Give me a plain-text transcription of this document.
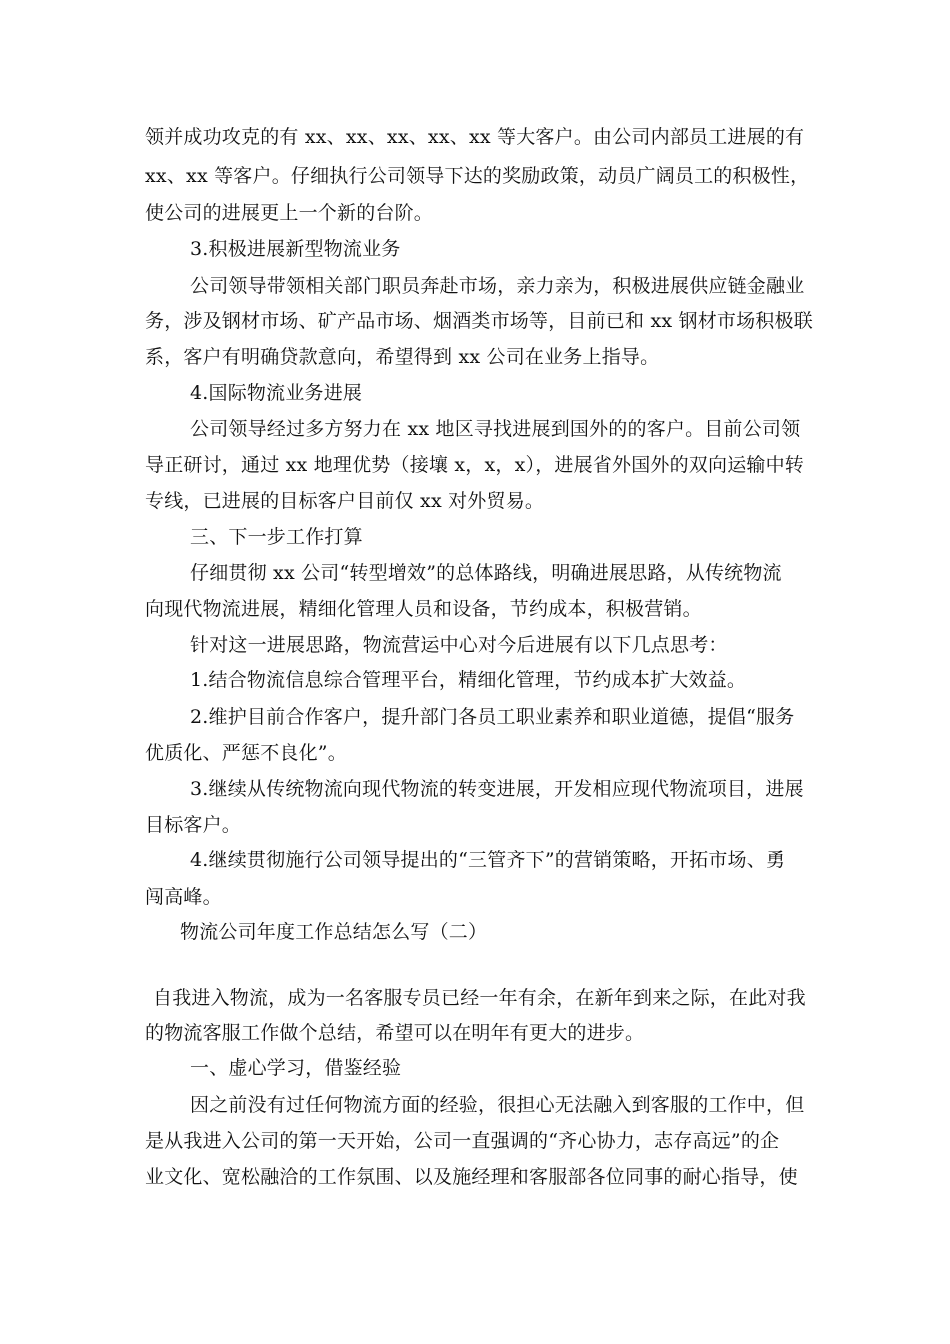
领并成功攻克的有 xx、xx、xx、xx、xx 等大客户。由公司内部员工进展的有
xx、xx 等客户。仔细执行公司领导下达的奖励政策，动员广阔员工的积极性，
使公司的进展更上一个新的台阶。
3.积极进展新型物流业务
公司领导带领相关部门职员奔赴市场，亲力亲为，积极进展供应链金融业
务，涉及钢材市场、矿产品市场、烟酒类市场等，目前已和 xx 钢材市场积极联
系，客户有明确贷款意向，希望得到 xx 公司在业务上指导。
4.国际物流业务进展
公司领导经过多方努力在 xx 地区寻找进展到国外的的客户。目前公司领
导正研讨，通过 xx 地理优势（接壤 x，x，x），进展省外国外的双向运输中转
专线，已进展的目标客户目前仅 xx 对外贸易。
三、下一步工作打算
仔细贯彻 xx 公司“转型增效”的总体路线，明确进展思路，从传统物流
向现代物流进展，精细化管理人员和设备，节约成本，积极营销。
针对这一进展思路，物流营运中心对今后进展有以下几点思考：
1.结合物流信息综合管理平台，精细化管理，节约成本扩大效益。
2.维护目前合作客户，提升部门各员工职业素养和职业道德，提倡“服务
优质化、严惩不良化”。
3.继续从传统物流向现代物流的转变进展，开发相应现代物流项目，进展
目标客户。
4.继续贯彻施行公司领导提出的“三管齐下”的营销策略，开拓市场、勇
闯高峰。
物流公司年度工作总结怎么写（二）
自我进入物流，成为一名客服专员已经一年有余，在新年到来之际，在此对我
的物流客服工作做个总结，希望可以在明年有更大的进步。
一、虚心学习，借鉴经验
因之前没有过任何物流方面的经验，很担心无法融入到客服的工作中，但
是从我进入公司的第一天开始，公司一直强调的“齐心协力，志存高远”的企
业文化、宽松融洽的工作氛围、以及施经理和客服部各位同事的耐心指导，使
